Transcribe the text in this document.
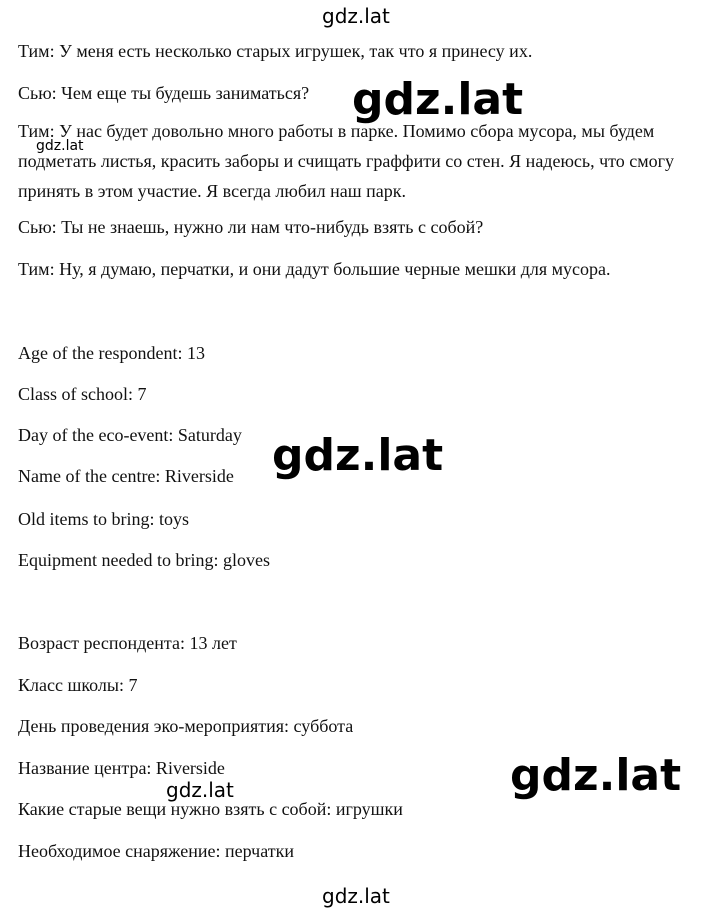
gdz.lat
gdz.lat
gdz.lat
gdz.lat
gdz.lat
gdz.lat
gdz.lat
Тим: У меня есть несколько старых игрушек, так что я принесу их.
Сью: Чем еще ты будешь заниматься?
Тим: У нас будет довольно много работы в парке. Помимо сбора мусора, мы будем подметать листья, красить заборы и счищать граффити со стен. Я надеюсь, что смогу принять в этом участие. Я всегда любил наш парк.
Сью: Ты не знаешь, нужно ли нам что-нибудь взять с собой?
Тим: Ну, я думаю, перчатки, и они дадут большие черные мешки для мусора.
Age of the respondent: 13
Class of school: 7
Day of the eco-event: Saturday
Name of the centre: Riverside
Old items to bring: toys
Equipment needed to bring: gloves
Возраст респондента: 13 лет
Класс школы: 7
День проведения эко-мероприятия: суббота
Название центра: Riverside
Какие старые вещи нужно взять с собой: игрушки
Необходимое снаряжение: перчатки
